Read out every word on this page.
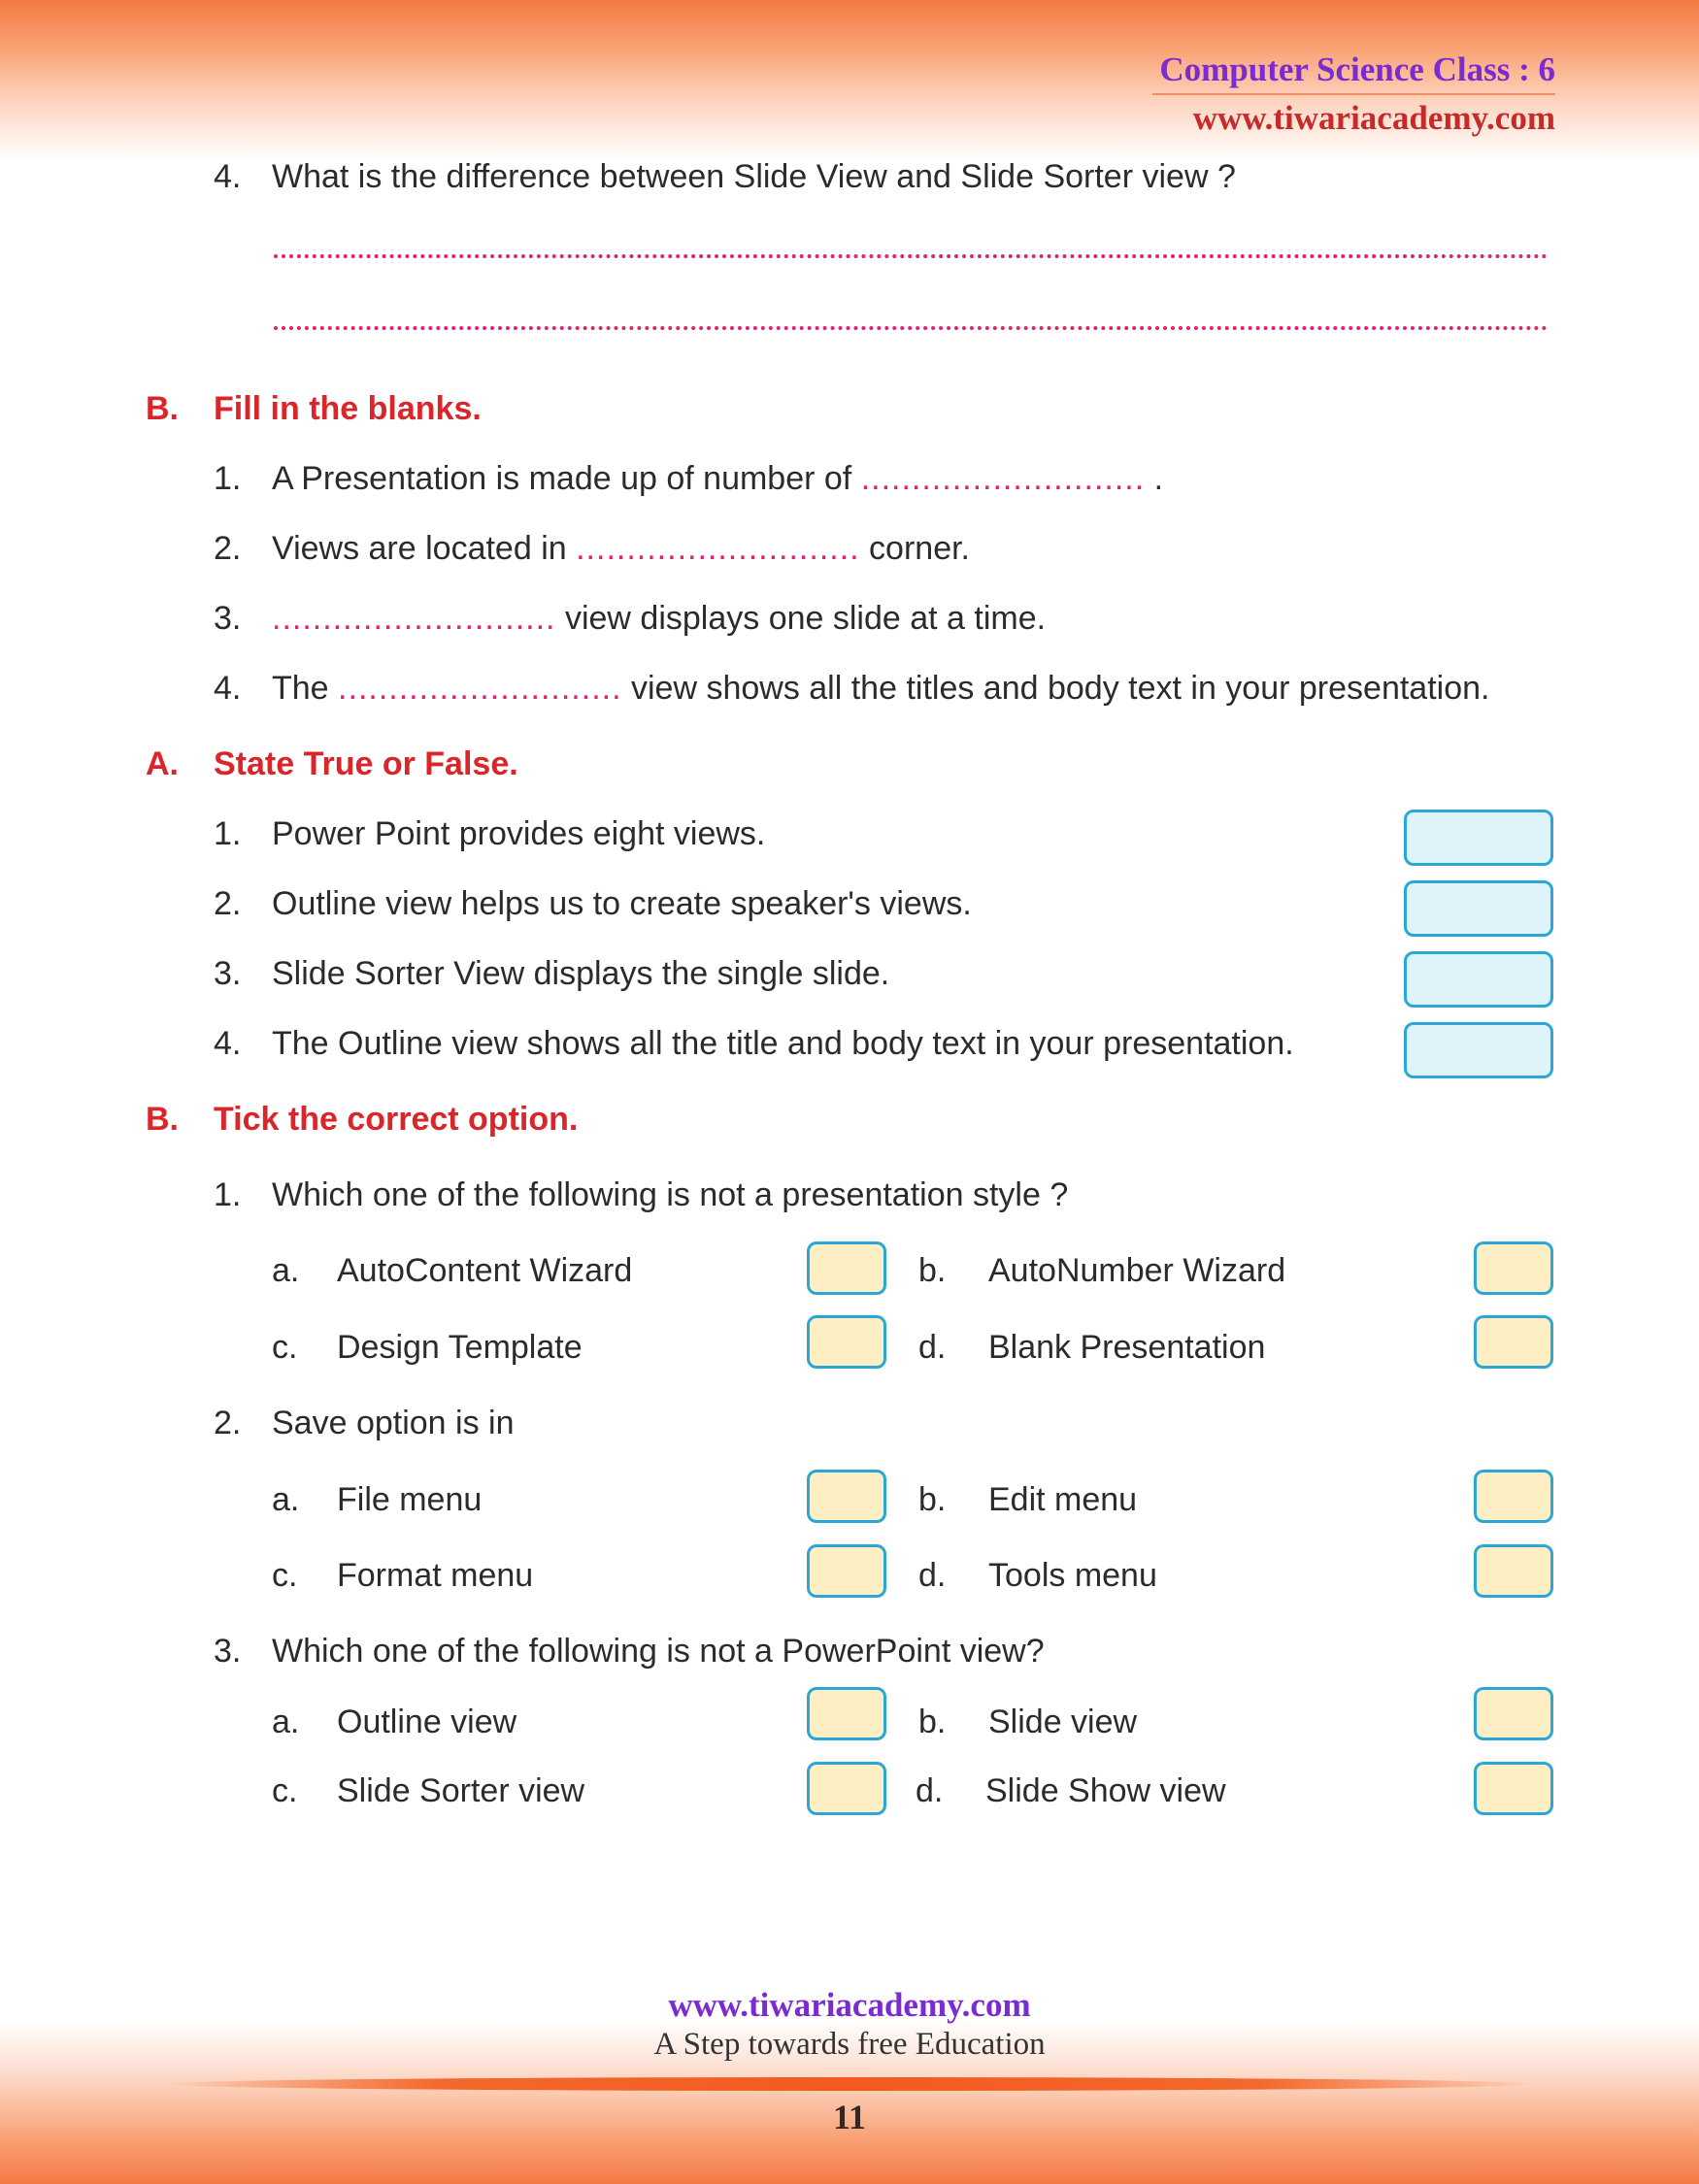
Computer Science Class : 6
www.tiwariacademy.com
4. What is the difference between Slide View and Slide Sorter view ?
B. Fill in the blanks.
1. A Presentation is made up of number of ............................ .
2. Views are located in ............................ corner.
3. ............................ view displays one slide at a time.
4. The ............................ view shows all the titles and body text in your presentation.
A. State True or False.
1. Power Point provides eight views.
2. Outline view helps us to create speaker's views.
3. Slide Sorter View displays the single slide.
4. The Outline view shows all the title and body text in your presentation.
B. Tick the correct option.
1. Which one of the following is not a presentation style ?
a. AutoContent Wizard	b. AutoNumber Wizard
c. Design Template	d. Blank Presentation
2. Save option is in
a. File menu	b. Edit menu
c. Format menu	d. Tools menu
3. Which one of the following is not a PowerPoint view?
a. Outline view	b. Slide view
c. Slide Sorter view	d. Slide Show view
www.tiwariacademy.com
A Step towards free Education
11
